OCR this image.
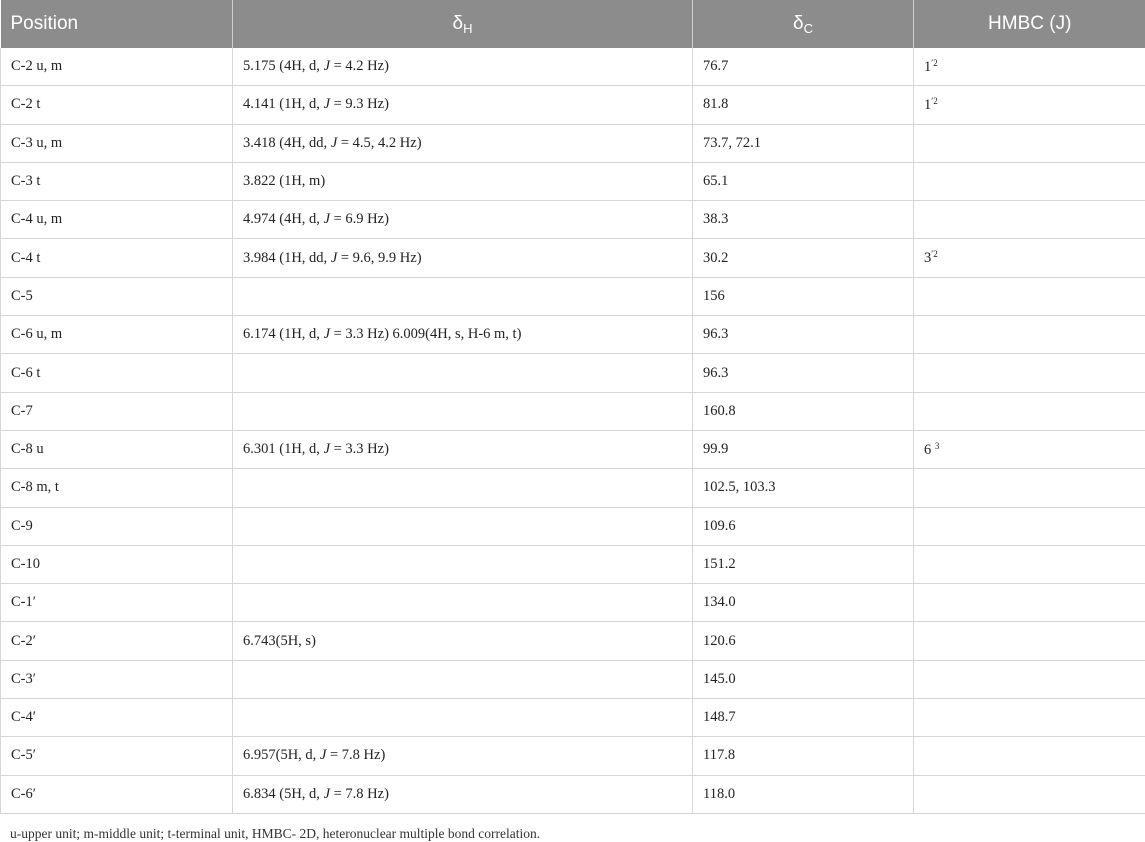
Position	$\delta_H$	$\delta_C$	HMBC (J)
C-2 u, m	5.175 (4H, d, J = 4.2 Hz)	76.7	$1^{'2}$
C-2 t	4.141 (1H, d, J = 9.3 Hz)	81.8	$1^{'2}$
C-3 u, m	3.418 (4H, dd, J = 4.5, 4.2 Hz)	73.7, 72.1	
C-3 t	3.822 (1H, m)	65.1	
C-4 u, m	4.974 (4H, d, J = 6.9 Hz)	38.3	
C-4 t	3.984 (1H, dd, J = 9.6, 9.9 Hz)	30.2	$3^{'2}$
C-5		156	
C-6 u, m	6.174 (1H, d, J = 3.3 Hz) 6.009(4H, s, H-6 m, t)	96.3	
C-6 t		96.3	
C-7		160.8	
C-8 u	6.301 (1H, d, J = 3.3 Hz)	99.9	6 $^3$
C-8 m, t		102.5, 103.3	
C-9		109.6	
C-10		151.2	
C-1′		134.0	
C-2′	6.743(5H, s)	120.6	
C-3′		145.0	
C-4′		148.7	
C-5′	6.957(5H, d, J = 7.8 Hz)	117.8	
C-6′	6.834 (5H, d, J = 7.8 Hz)	118.0	
u-upper unit; m-middle unit; t-terminal unit, HMBC- 2D, heteronuclear multiple bond correlation.
